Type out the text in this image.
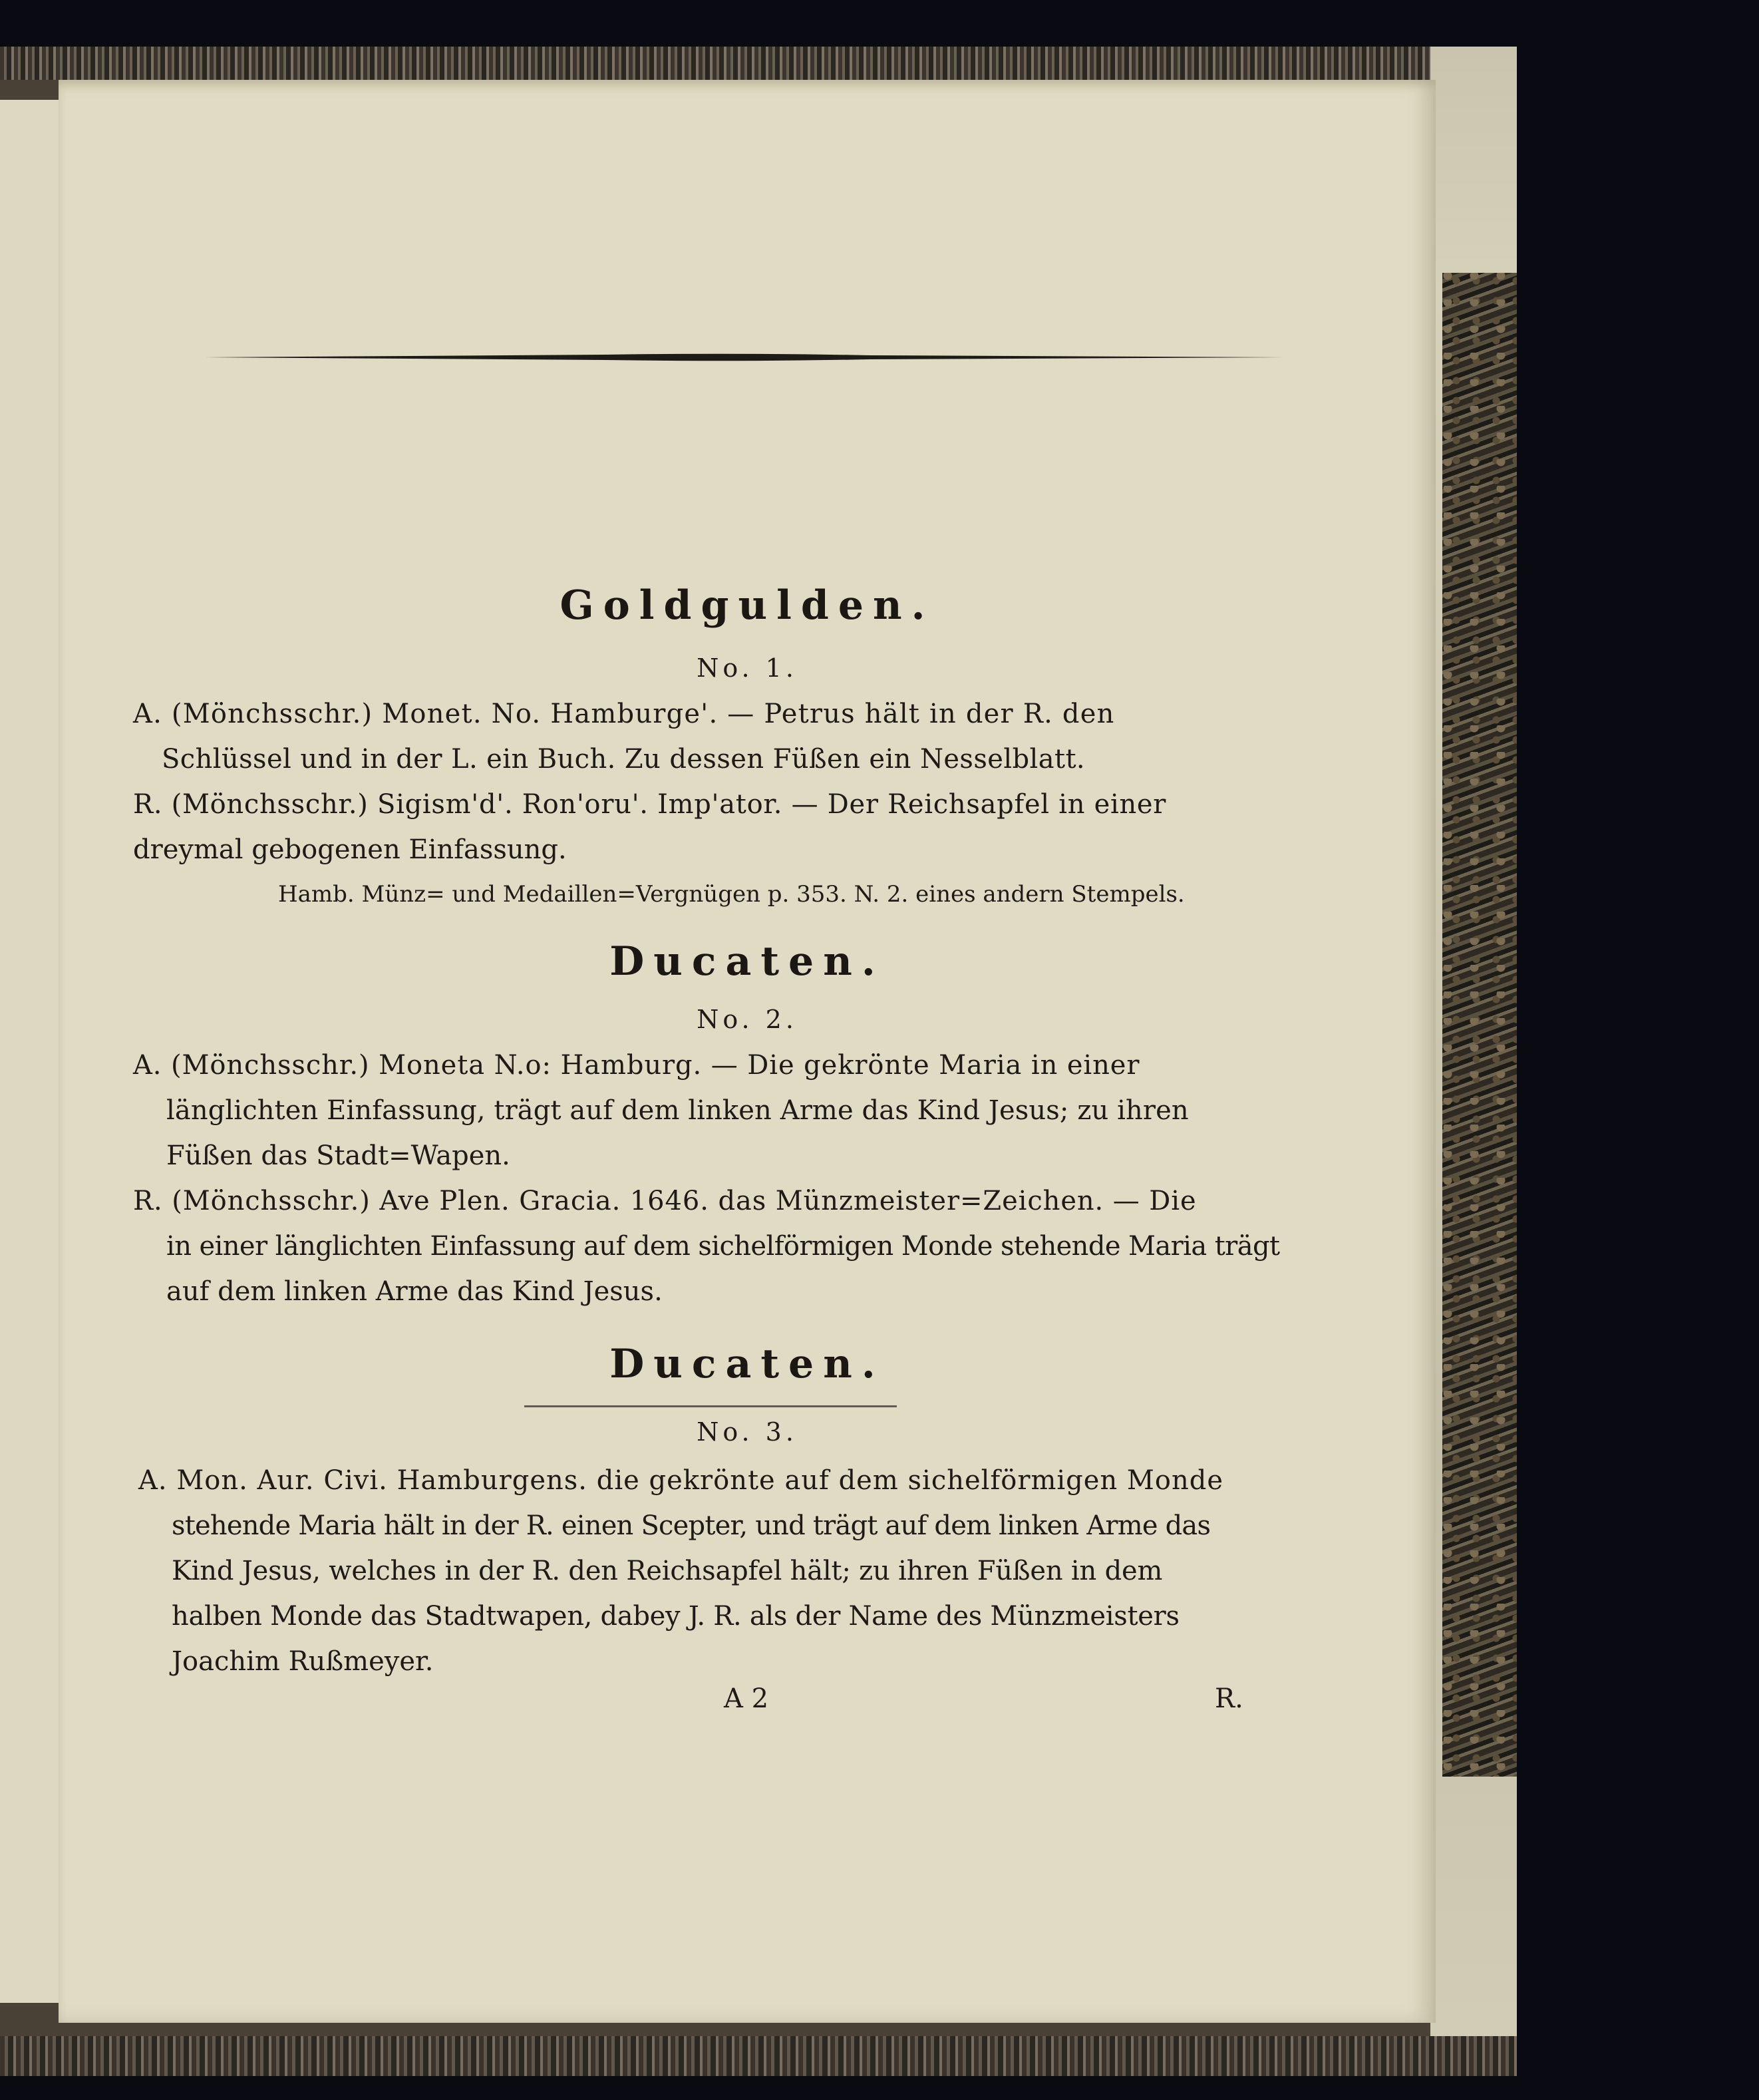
Goldgulden.
No. 1.
A. (Mönchsschr.) Monet. No. Hamburge'. — Petrus hält in der R. den
Schlüssel und in der L. ein Buch. Zu dessen Füßen ein Nesselblatt.
R. (Mönchsschr.) Sigism'd'. Ron'oru'. Imp'ator. — Der Reichsapfel in einer
dreymal gebogenen Einfassung.
Hamb. Münz= und Medaillen=Vergnügen p. 353. N. 2. eines andern Stempels.
Ducaten.
No. 2.
A. (Mönchsschr.) Moneta N.o: Hamburg. — Die gekrönte Maria in einer
länglichten Einfassung, trägt auf dem linken Arme das Kind Jesus; zu ihren
Füßen das Stadt=Wapen.
R. (Mönchsschr.) Ave Plen. Gracia. 1646. das Münzmeister=Zeichen. — Die
in einer länglichten Einfassung auf dem sichelförmigen Monde stehende Maria trägt
auf dem linken Arme das Kind Jesus.
Ducaten.
No. 3.
A. Mon. Aur. Civi. Hamburgens. die gekrönte auf dem sichelförmigen Monde
stehende Maria hält in der R. einen Scepter, und trägt auf dem linken Arme das
Kind Jesus, welches in der R. den Reichsapfel hält; zu ihren Füßen in dem
halben Monde das Stadtwapen, dabey J. R. als der Name des Münzmeisters
Joachim Rußmeyer.
A 2	R.
